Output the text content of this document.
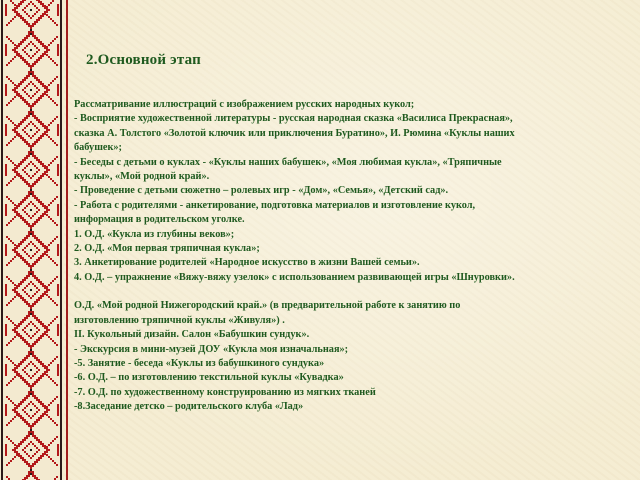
2.Основной этап
Рассматривание иллюстраций с изображением русских народных кукол;
- Восприятие художественной литературы - русская народная сказка «Василиса Прекрасная»,
сказка А. Толстого «Золотой ключик или приключения Буратино», И. Рюмина «Куклы наших
бабушек»;
- Беседы с детьми о куклах - «Куклы наших бабушек», «Моя любимая кукла», «Тряпичные
куклы», «Мой родной край».
- Проведение с детьми сюжетно – ролевых игр - «Дом», «Семья», «Детский сад».
- Работа с родителями - анкетирование, подготовка материалов и изготовление кукол,
информация в родительском уголке.
1. О.Д. «Кукла из глубины веков»;
2. О.Д. «Моя первая тряпичная кукла»;
3. Анкетирование родителей «Народное искусство в жизни Вашей семьи».
4. О.Д. – упражнение «Вяжу-вяжу узелок» с использованием развивающей игры «Шнуровки».
О.Д. «Мой родной Нижегородский край.» (в предварительной работе к занятию по
изготовлению тряпичной куклы «Живуля») .
II. Кукольный дизайн. Салон «Бабушкин сундук».
- Экскурсия в мини-музей ДОУ «Кукла моя изначальная»;
-5. Занятие - беседа «Куклы из бабушкиного сундука»
-6. О.Д. – по изготовлению текстильной куклы «Кувадка»
-7. О.Д. по художественному конструированию из мягких тканей
-8.Заседание детско – родительского клуба «Лад»
